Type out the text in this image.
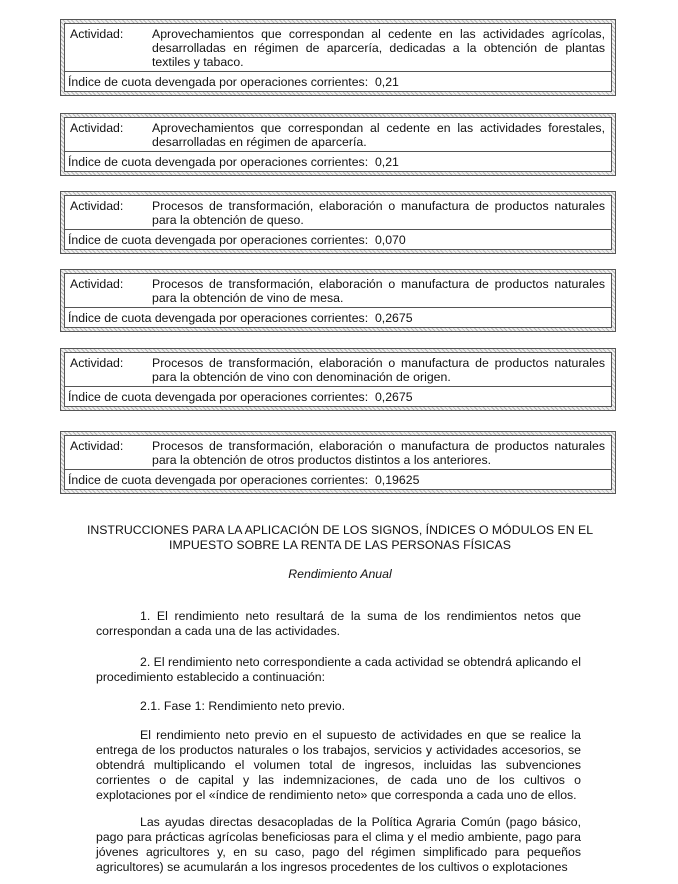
Actividad:	Aprovechamientos que correspondan al cedente en las actividades agrícolas, desarrolladas en régimen de aparcería, dedicadas a la obtención de plantas textiles y tabaco.
Índice de cuota devengada por operaciones corrientes: 0,21
Actividad:	Aprovechamientos que correspondan al cedente en las actividades forestales, desarrolladas en régimen de aparcería.
Índice de cuota devengada por operaciones corrientes: 0,21
Actividad:	Procesos de transformación, elaboración o manufactura de productos naturales para la obtención de queso.
Índice de cuota devengada por operaciones corrientes: 0,070
Actividad:	Procesos de transformación, elaboración o manufactura de productos naturales para la obtención de vino de mesa.
Índice de cuota devengada por operaciones corrientes: 0,2675
Actividad:	Procesos de transformación, elaboración o manufactura de productos naturales para la obtención de vino con denominación de origen.
Índice de cuota devengada por operaciones corrientes: 0,2675
Actividad:	Procesos de transformación, elaboración o manufactura de productos naturales para la obtención de otros productos distintos a los anteriores.
Índice de cuota devengada por operaciones corrientes: 0,19625
INSTRUCCIONES PARA LA APLICACIÓN DE LOS SIGNOS, ÍNDICES O MÓDULOS EN EL IMPUESTO SOBRE LA RENTA DE LAS PERSONAS FÍSICAS
Rendimiento Anual

1. El rendimiento neto resultará de la suma de los rendimientos netos que correspondan a cada una de las actividades.

2. El rendimiento neto correspondiente a cada actividad se obtendrá aplicando el procedimiento establecido a continuación:

2.1. Fase 1: Rendimiento neto previo.

El rendimiento neto previo en el supuesto de actividades en que se realice la entrega de los productos naturales o los trabajos, servicios y actividades accesorios, se obtendrá multiplicando el volumen total de ingresos, incluidas las subvenciones corrientes o de capital y las indemnizaciones, de cada uno de los cultivos o explotaciones por el «índice de rendimiento neto» que corresponda a cada uno de ellos.

Las ayudas directas desacopladas de la Política Agraria Común (pago básico, pago para prácticas agrícolas beneficiosas para el clima y el medio ambiente, pago para jóvenes agricultores y, en su caso, pago del régimen simplificado para pequeños agricultores) se acumularán a los ingresos procedentes de los cultivos o explotaciones
